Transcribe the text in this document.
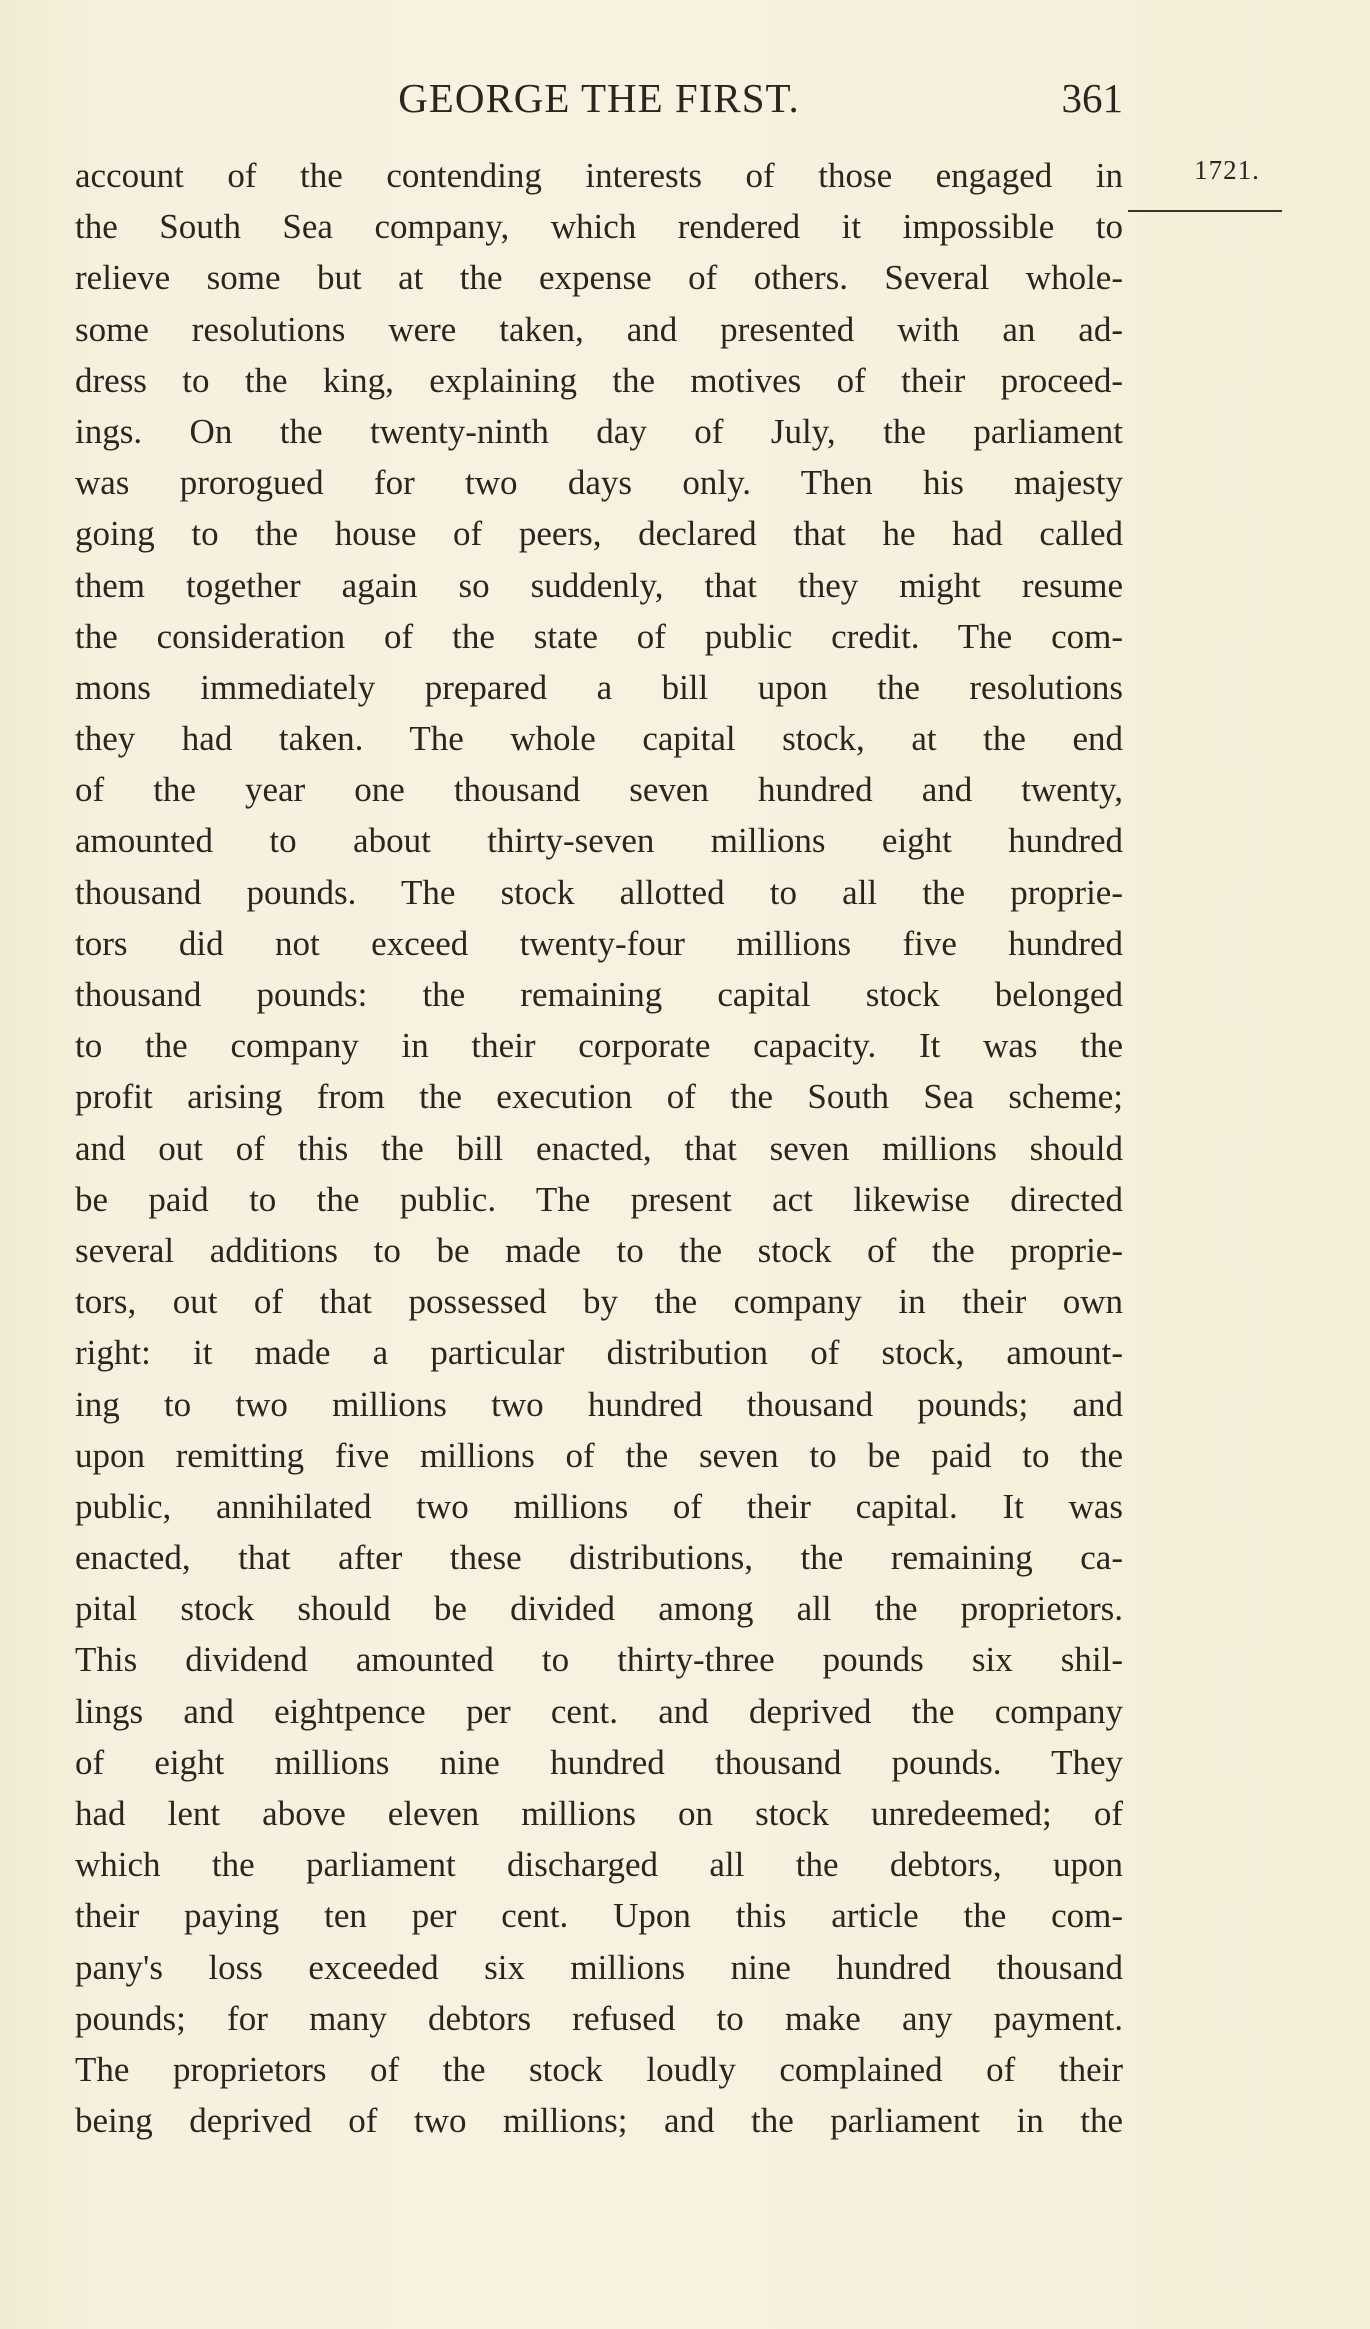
GEORGE THE FIRST.	361
1721.
account of the contending interests of those engaged in
the South Sea company, which rendered it impossible to
relieve some but at the expense of others. Several whole-
some resolutions were taken, and presented with an ad-
dress to the king, explaining the motives of their proceed-
ings. On the twenty-ninth day of July, the parliament
was prorogued for two days only. Then his majesty
going to the house of peers, declared that he had called
them together again so suddenly, that they might resume
the consideration of the state of public credit. The com-
mons immediately prepared a bill upon the resolutions
they had taken. The whole capital stock, at the end
of the year one thousand seven hundred and twenty,
amounted to about thirty-seven millions eight hundred
thousand pounds. The stock allotted to all the proprie-
tors did not exceed twenty-four millions five hundred
thousand pounds: the remaining capital stock belonged
to the company in their corporate capacity. It was the
profit arising from the execution of the South Sea scheme;
and out of this the bill enacted, that seven millions should
be paid to the public. The present act likewise directed
several additions to be made to the stock of the proprie-
tors, out of that possessed by the company in their own
right: it made a particular distribution of stock, amount-
ing to two millions two hundred thousand pounds; and
upon remitting five millions of the seven to be paid to the
public, annihilated two millions of their capital. It was
enacted, that after these distributions, the remaining ca-
pital stock should be divided among all the proprietors.
This dividend amounted to thirty-three pounds six shil-
lings and eightpence per cent. and deprived the company
of eight millions nine hundred thousand pounds. They
had lent above eleven millions on stock unredeemed; of
which the parliament discharged all the debtors, upon
their paying ten per cent. Upon this article the com-
pany's loss exceeded six millions nine hundred thousand
pounds; for many debtors refused to make any payment.
The proprietors of the stock loudly complained of their
being deprived of two millions; and the parliament in the
